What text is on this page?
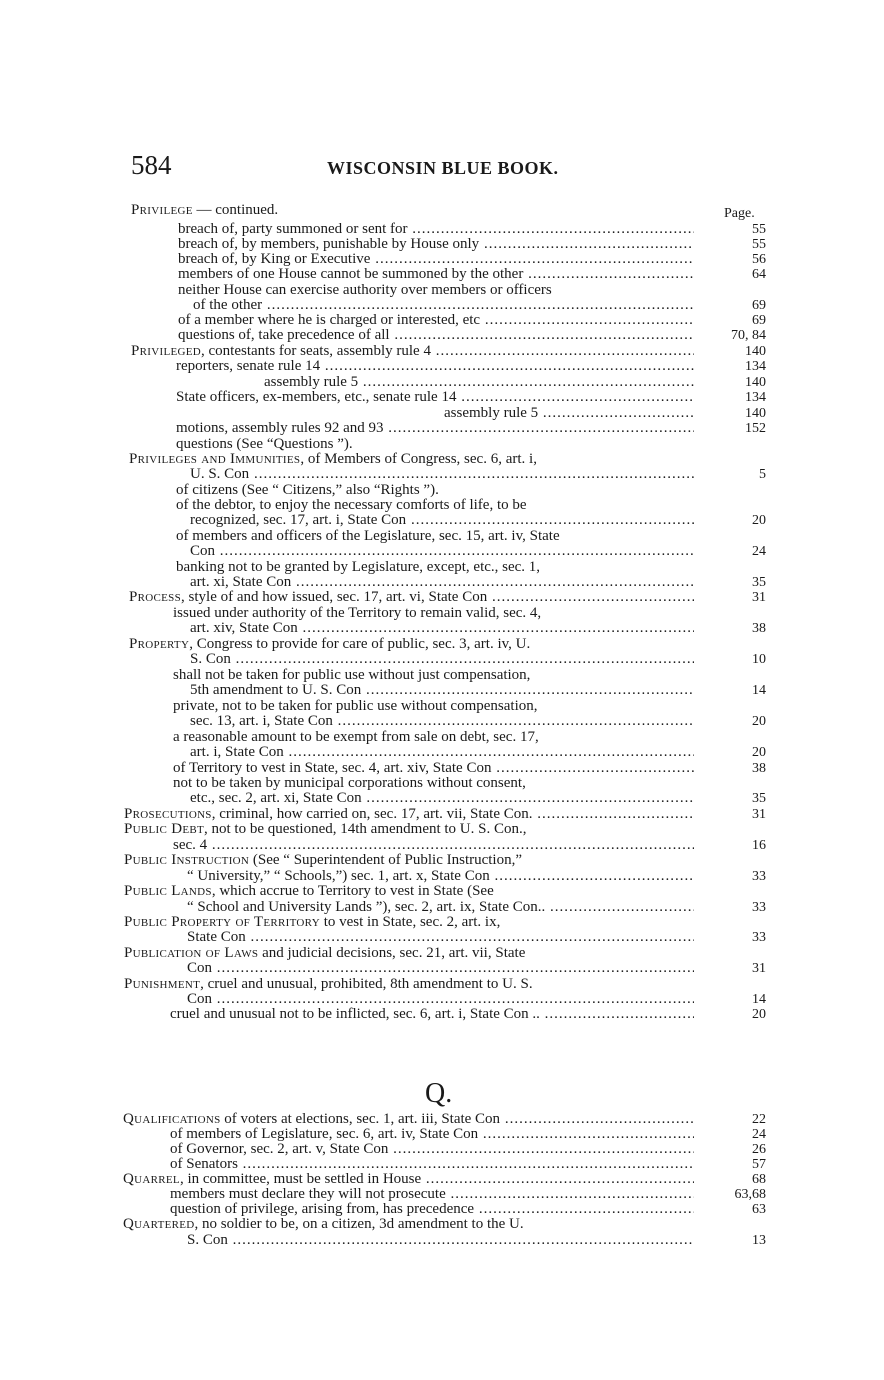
584	WISCONSIN BLUE BOOK.
Page.
Q.
Privilege — continued.
breach of, party summoned or sent for .....	55
breach of, by members, punishable by House only .....	55
breach of, by King or Executive .....	56
members of one House cannot be summoned by the other .....	64
neither House can exercise authority over members or officers
of the other .....	69
of a member where he is charged or interested, etc .....	69
questions of, take precedence of all .....	70, 84
Privileged, contestants for seats, assembly rule 4 .....	140
reporters, senate rule 14 .....	134
assembly rule 5 .....	140
State officers, ex-members, etc., senate rule 14 .....	134
assembly rule 5 .....	140
motions, assembly rules 92 and 93 .....	152
questions (See “Questions ”).
Privileges and Immunities, of Members of Congress, sec. 6, art. i,
U. S. Con .....	5
of citizens (See “ Citizens,” also “Rights ”).
of the debtor, to enjoy the necessary comforts of life, to be
recognized, sec. 17, art. i, State Con .....	20
of members and officers of the Legislature, sec. 15, art. iv, State
Con .....	24
banking not to be granted by Legislature, except, etc., sec. 1,
art. xi, State Con .....	35
Process, style of and how issued, sec. 17, art. vi, State Con .....	31
issued under authority of the Territory to remain valid, sec. 4,
art. xiv, State Con .....	38
Property, Congress to provide for care of public, sec. 3, art. iv, U.
S. Con .....	10
shall not be taken for public use without just compensation,
5th amendment to U. S. Con .....	14
private, not to be taken for public use without compensation,
sec. 13, art. i, State Con .....	20
a reasonable amount to be exempt from sale on debt, sec. 17,
art. i, State Con .....	20
of Territory to vest in State, sec. 4, art. xiv, State Con .....	38
not to be taken by municipal corporations without consent,
etc., sec. 2, art. xi, State Con .....	35
Prosecutions, criminal, how carried on, sec. 17, art. vii, State Con. .....	31
Public Debt, not to be questioned, 14th amendment to U. S. Con.,
sec. 4 .....	16
Public Instruction (See “ Superintendent of Public Instruction,”
“ University,” “ Schools,”) sec. 1, art. x, State Con .....	33
Public Lands, which accrue to Territory to vest in State (See
“ School and University Lands ”), sec. 2, art. ix, State Con.. .....	33
Public Property of Territory to vest in State, sec. 2, art. ix,
State Con .....	33
Publication of Laws and judicial decisions, sec. 21, art. vii, State
Con .....	31
Punishment, cruel and unusual, prohibited, 8th amendment to U. S.
Con .....	14
cruel and unusual not to be inflicted, sec. 6, art. i, State Con .. .....	20
Qualifications of voters at elections, sec. 1, art. iii, State Con .....	22
of members of Legislature, sec. 6, art. iv, State Con .....	24
of Governor, sec. 2, art. v, State Con .....	26
of Senators .....	57
Quarrel, in committee, must be settled in House .....	68
members must declare they will not prosecute .....	63,68
question of privilege, arising from, has precedence .....	63
Quartered, no soldier to be, on a citizen, 3d amendment to the U.
S. Con .....	13
